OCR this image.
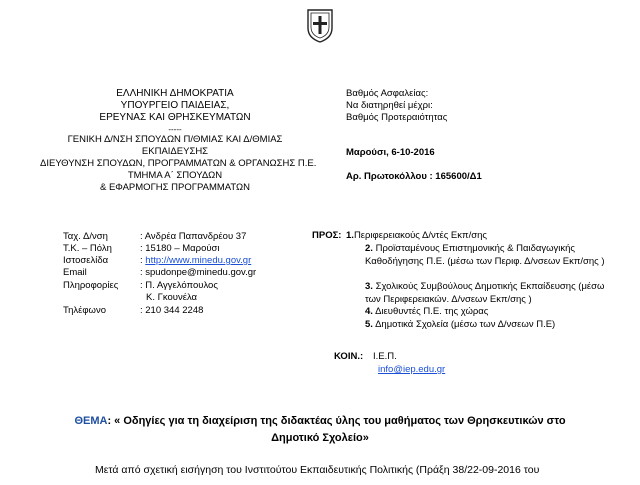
ΕΛΛΗΝΙΚΗ ΔΗΜΟΚΡΑΤΙΑ
ΥΠΟΥΡΓΕΙΟ ΠΑΙΔΕΙΑΣ,
ΕΡΕΥΝΑΣ ΚΑΙ ΘΡΗΣΚΕΥΜΑΤΩΝ
-----
ΓΕΝΙΚΗ Δ/ΝΣΗ ΣΠΟΥΔΩΝ Π/ΘΜΙΑΣ ΚΑΙ Δ/ΘΜΙΑΣ
ΕΚΠΑΙΔΕΥΣΗΣ
ΔΙΕΥΘΥΝΣΗ ΣΠΟΥΔΩΝ, ΠΡΟΓΡΑΜΜΑΤΩΝ & ΟΡΓΑΝΩΣΗΣ Π.Ε.
ΤΜΗΜΑ Α΄ ΣΠΟΥΔΩΝ
& ΕΦΑΡΜΟΓΗΣ ΠΡΟΓΡΑΜΜΑΤΩΝ
Βαθμός Ασφαλείας:
Να διατηρηθεί μέχρι:
Βαθμός Προτεραιότητας
Μαρούσι, 6-10-2016
Αρ. Πρωτοκόλλου : 165600/Δ1
Ταχ. Δ/νση	: Ανδρέα Παπανδρέου 37
Τ.Κ. – Πόλη	: 15180 – Μαρούσι
Ιστοσελίδα	: http://www.minedu.gov.gr
Email	: spudonpe@minedu.gov.gr
Πληροφορίες : Π. Αγγελόπουλος
Κ. Γκουνέλα
Τηλέφωνο	: 210 344 2248
ΠΡΟΣ: 1.Περιφερειακούς Δ/ντές Εκπ/σης
2. Προϊσταμένους Επιστημονικής & Παιδαγωγικής Καθοδήγησης Π.Ε. (μέσω των Περιφ. Δ/νσεων Εκπ/σης )
3. Σχολικούς Συμβούλους Δημοτικής Εκπαίδευσης (μέσω των Περιφερειακών. Δ/νσεων Εκπ/σης )
4. Διευθυντές Π.Ε. της χώρας
5. Δημοτικά Σχολεία (μέσω των Δ/νσεων Π.Ε)
ΚΟΙΝ.: Ι.Ε.Π.
info@iep.edu.gr
ΘΕΜΑ: « Οδηγίες για τη διαχείριση της διδακτέας ύλης του μαθήματος των Θρησκευτικών στο
Δημοτικό Σχολείο»
Μετά από σχετική εισήγηση του Ινστιτούτου Εκπαιδευτικής Πολιτικής (Πράξη 38/22-09-2016 του
